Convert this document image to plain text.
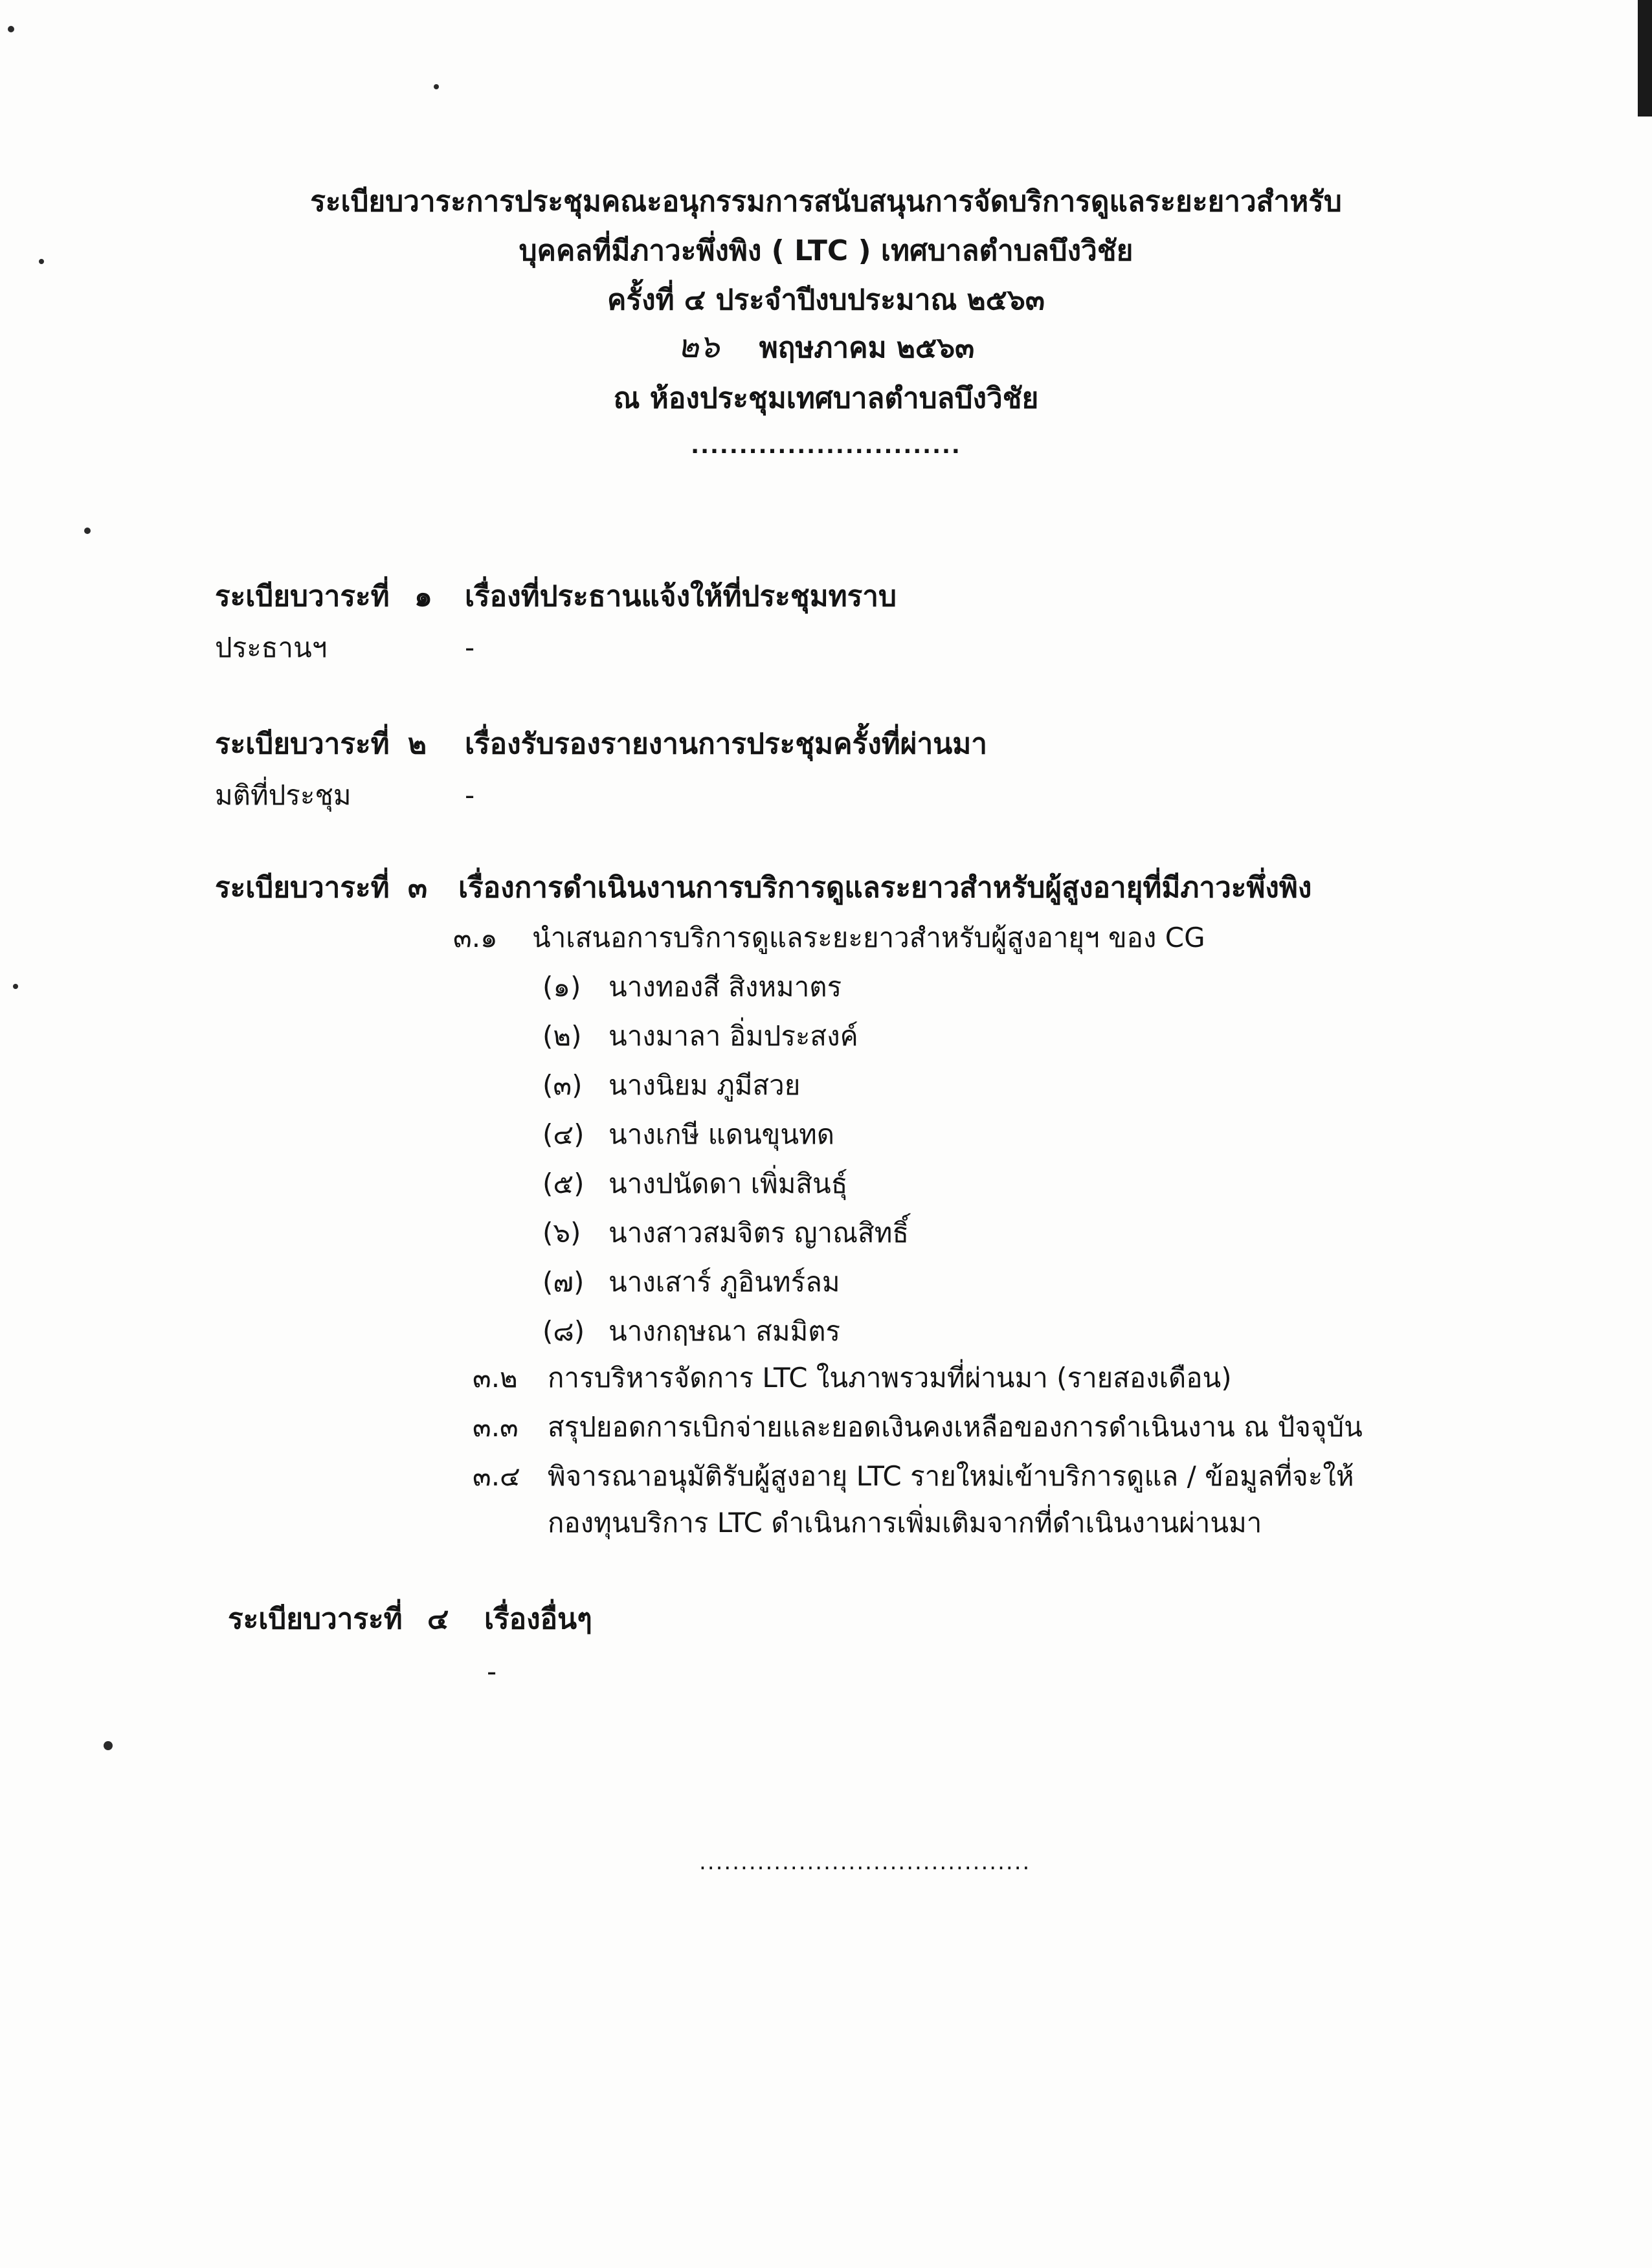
ระเบียบวาระการประชุมคณะอนุกรรมการสนับสนุนการจัดบริการดูแลระยะยาวสำหรับ
บุคคลที่มีภาวะพึ่งพิง ( LTC ) เทศบาลตำบลบึงวิชัย
ครั้งที่ ๔ ประจำปีงบประมาณ ๒๕๖๓
๒๖ พฤษภาคม ๒๕๖๓
ณ ห้องประชุมเทศบาลตำบลบึงวิชัย
............................
ระเบียบวาระที่ ๑ เรื่องที่ประธานแจ้งให้ที่ประชุมทราบ
ประธานฯ	-
ระเบียบวาระที่ ๒ เรื่องรับรองรายงานการประชุมครั้งที่ผ่านมา
มติที่ประชุม	-
ระเบียบวาระที่ ๓ เรื่องการดำเนินงานการบริการดูแลระยาวสำหรับผู้สูงอายุที่มีภาวะพึ่งพิง
๓.๑ นำเสนอการบริการดูแลระยะยาวสำหรับผู้สูงอายุฯ ของ CG
(๑) นางทองสี สิงหมาตร
(๒) นางมาลา อิ่มประสงค์
(๓) นางนิยม ภูมีสวย
(๔) นางเกษี แดนขุนทด
(๕) นางปนัดดา เพิ่มสินธุ์
(๖) นางสาวสมจิตร ญาณสิทธิ์
(๗) นางเสาร์ ภูอินทร์ลม
(๘) นางกฤษณา สมมิตร
๓.๒ การบริหารจัดการ LTC ในภาพรวมที่ผ่านมา (รายสองเดือน)
๓.๓ สรุปยอดการเบิกจ่ายและยอดเงินคงเหลือของการดำเนินงาน ณ ปัจจุบัน
๓.๔ พิจารณาอนุมัติรับผู้สูงอายุ LTC รายใหม่เข้าบริการดูแล / ข้อมูลที่จะให้
กองทุนบริการ LTC ดำเนินการเพิ่มเติมจากที่ดำเนินงานผ่านมา
ระเบียบวาระที่ ๔ เรื่องอื่นๆ
-
........................................
